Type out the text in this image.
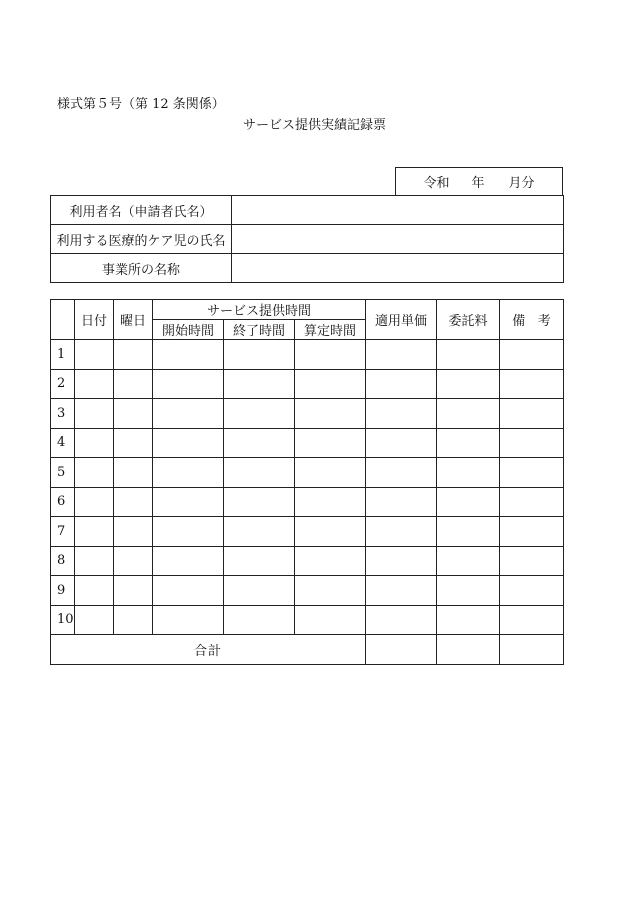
様式第５号（第 12 条関係）
サービス提供実績記録票
令和 年 月分
利用者名（申請者氏名）	
利用する医療的ケア児の氏名	
事業所の名称	
	日付	曜日	サービス提供時間			適用単価	委託料	備 考
			開始時間	終了時間	算定時間			
1								
2								
3								
4								
5								
6								
7								
8								
9								
10								
合計								
